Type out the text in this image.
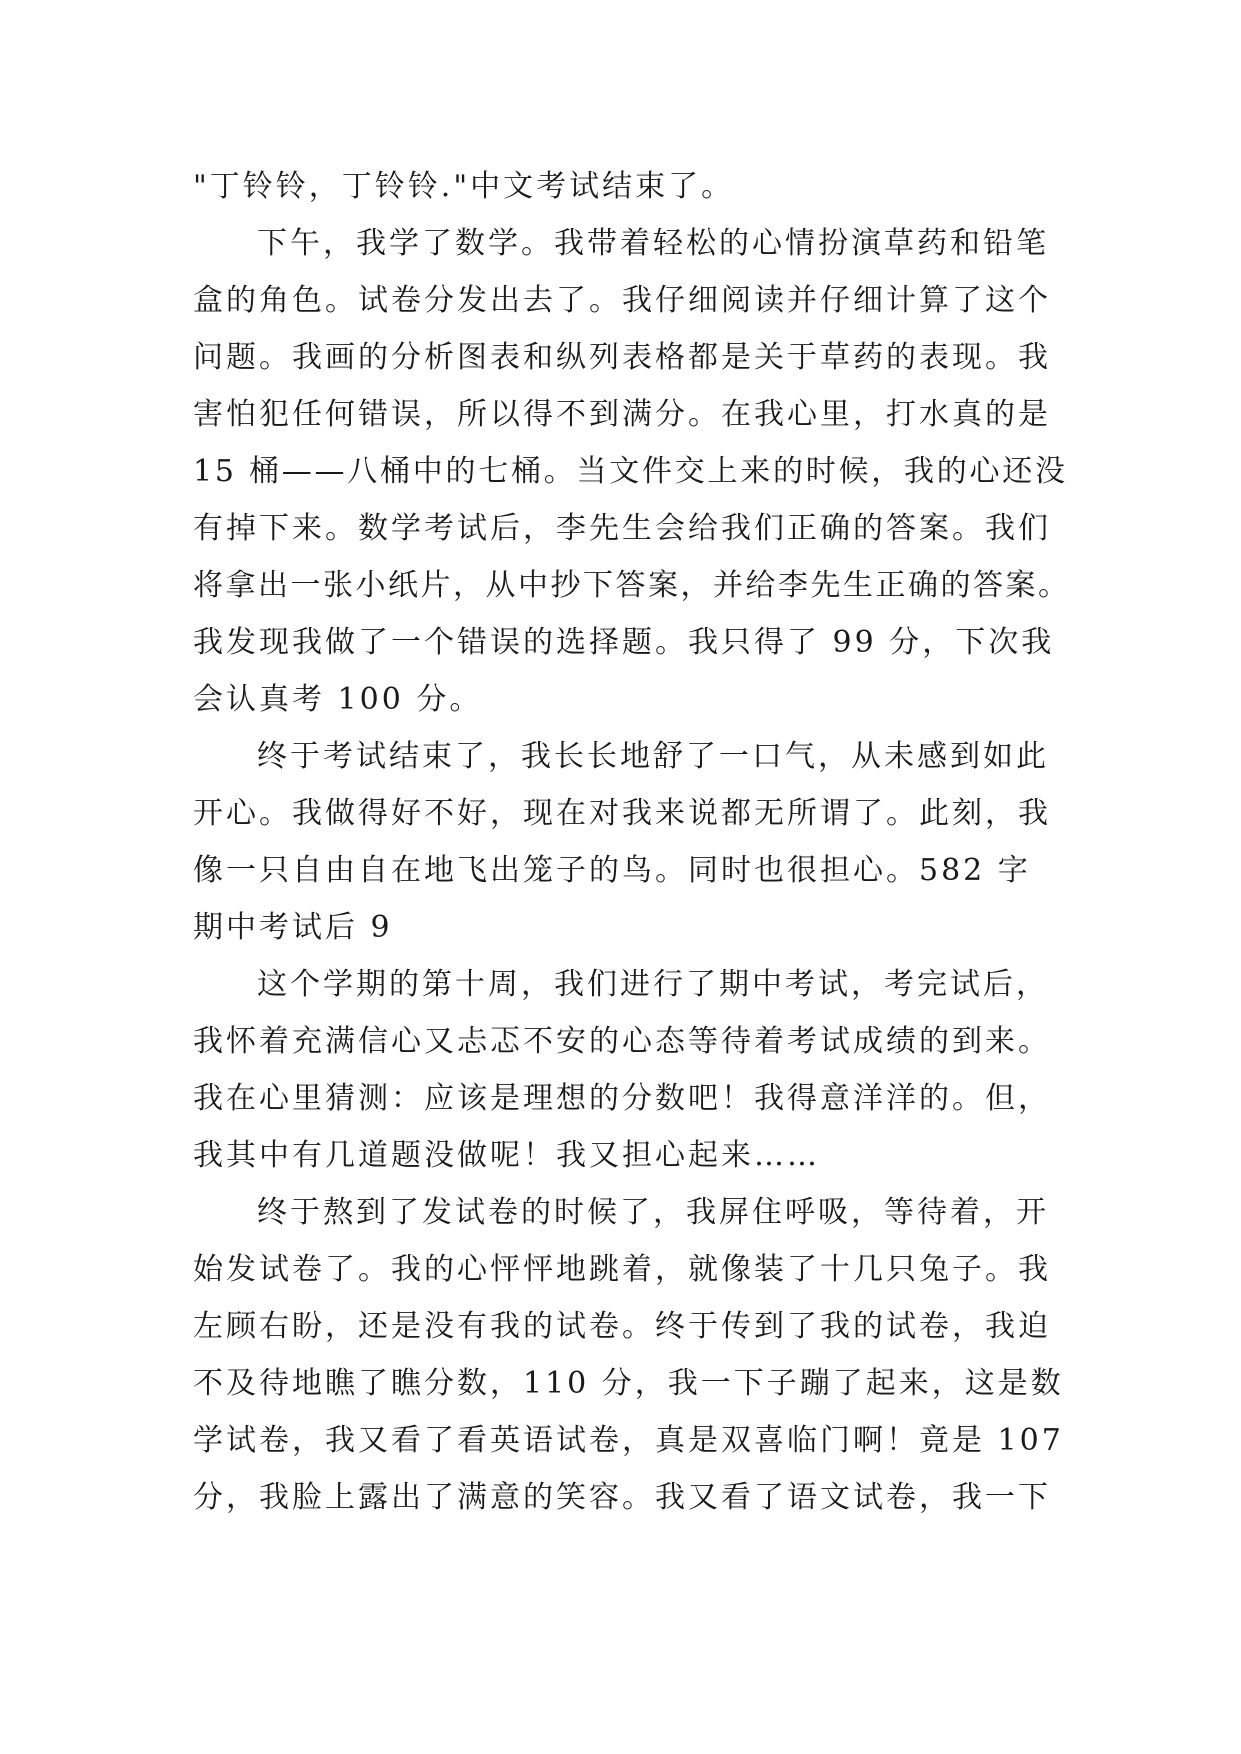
"丁铃铃，丁铃铃."中文考试结束了。
下午，我学了数学。我带着轻松的心情扮演草药和铅笔
盒的角色。试卷分发出去了。我仔细阅读并仔细计算了这个
问题。我画的分析图表和纵列表格都是关于草药的表现。我
害怕犯任何错误，所以得不到满分。在我心里，打水真的是
15 桶——八桶中的七桶。当文件交上来的时候，我的心还没
有掉下来。数学考试后，李先生会给我们正确的答案。我们
将拿出一张小纸片，从中抄下答案，并给李先生正确的答案。
我发现我做了一个错误的选择题。我只得了 99 分，下次我
会认真考 100 分。
终于考试结束了，我长长地舒了一口气，从未感到如此
开心。我做得好不好，现在对我来说都无所谓了。此刻，我
像一只自由自在地飞出笼子的鸟。同时也很担心。582 字
期中考试后 9
这个学期的第十周，我们进行了期中考试，考完试后，
我怀着充满信心又忐忑不安的心态等待着考试成绩的到来。
我在心里猜测：应该是理想的分数吧！我得意洋洋的。但，
我其中有几道题没做呢！我又担心起来……
终于熬到了发试卷的时候了，我屏住呼吸，等待着，开
始发试卷了。我的心怦怦地跳着，就像装了十几只兔子。我
左顾右盼，还是没有我的试卷。终于传到了我的试卷，我迫
不及待地瞧了瞧分数，110 分，我一下子蹦了起来，这是数
学试卷，我又看了看英语试卷，真是双喜临门啊！竟是 107
分，我脸上露出了满意的笑容。我又看了语文试卷，我一下
